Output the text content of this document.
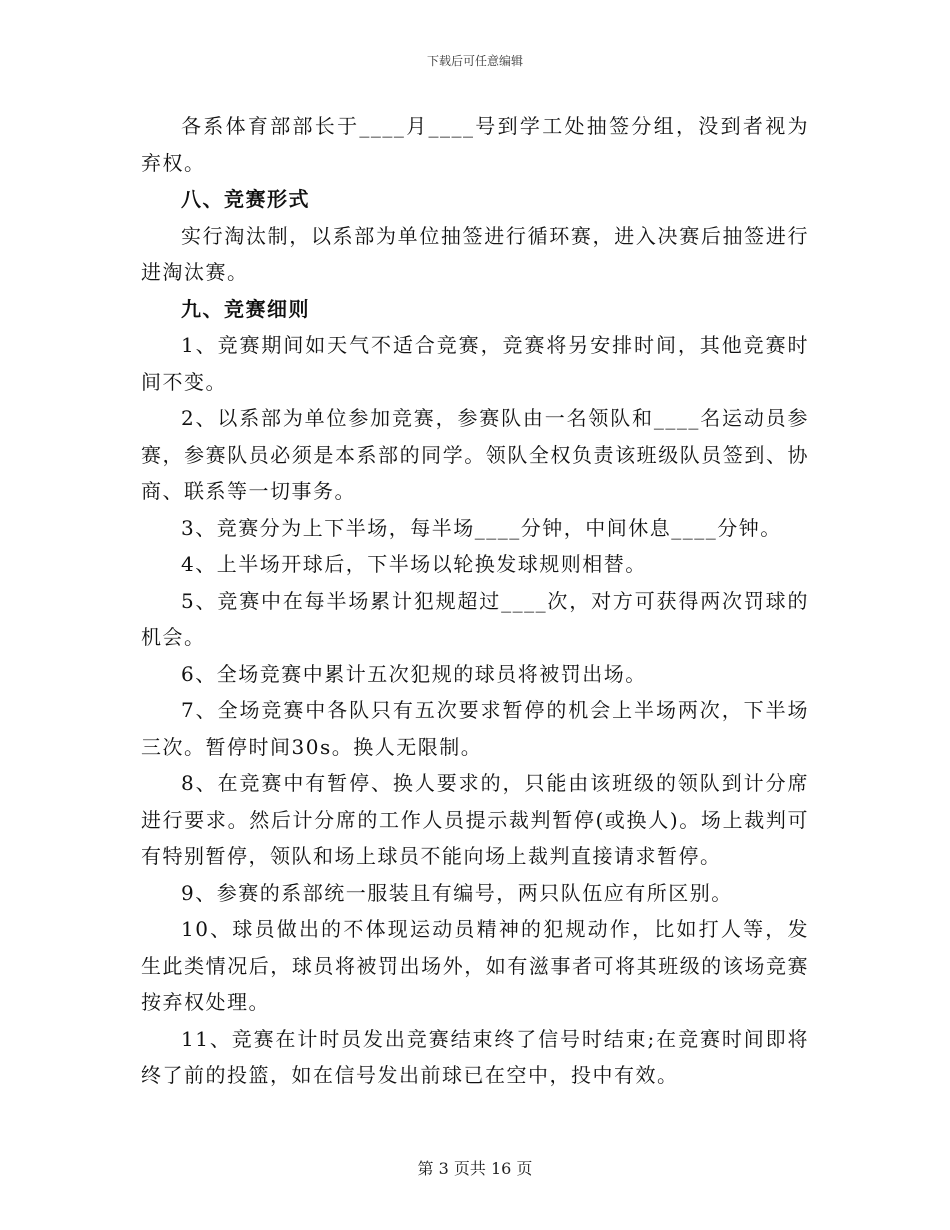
下载后可任意编辑

各系体育部部长于____月____号到学工处抽签分组，没到者视为弃权。

八、竞赛形式

实行淘汰制，以系部为单位抽签进行循环赛，进入决赛后抽签进行进淘汰赛。

九、竞赛细则

1、竞赛期间如天气不适合竞赛，竞赛将另安排时间，其他竞赛时间不变。

2、以系部为单位参加竞赛，参赛队由一名领队和____名运动员参赛，参赛队员必须是本系部的同学。领队全权负责该班级队员签到、协商、联系等一切事务。

3、竞赛分为上下半场，每半场____分钟，中间休息____分钟。

4、上半场开球后，下半场以轮换发球规则相替。

5、竞赛中在每半场累计犯规超过____次，对方可获得两次罚球的机会。

6、全场竞赛中累计五次犯规的球员将被罚出场。

7、全场竞赛中各队只有五次要求暂停的机会上半场两次，下半场三次。暂停时间30s。换人无限制。

8、在竞赛中有暂停、换人要求的，只能由该班级的领队到计分席进行要求。然后计分席的工作人员提示裁判暂停(或换人)。场上裁判可有特别暂停，领队和场上球员不能向场上裁判直接请求暂停。

9、参赛的系部统一服装且有编号，两只队伍应有所区别。

10、球员做出的不体现运动员精神的犯规动作，比如打人等，发生此类情况后，球员将被罚出场外，如有滋事者可将其班级的该场竞赛按弃权处理。

11、竞赛在计时员发出竞赛结束终了信号时结束;在竞赛时间即将终了前的投篮，如在信号发出前球已在空中，投中有效。

第 3 页共 16 页
